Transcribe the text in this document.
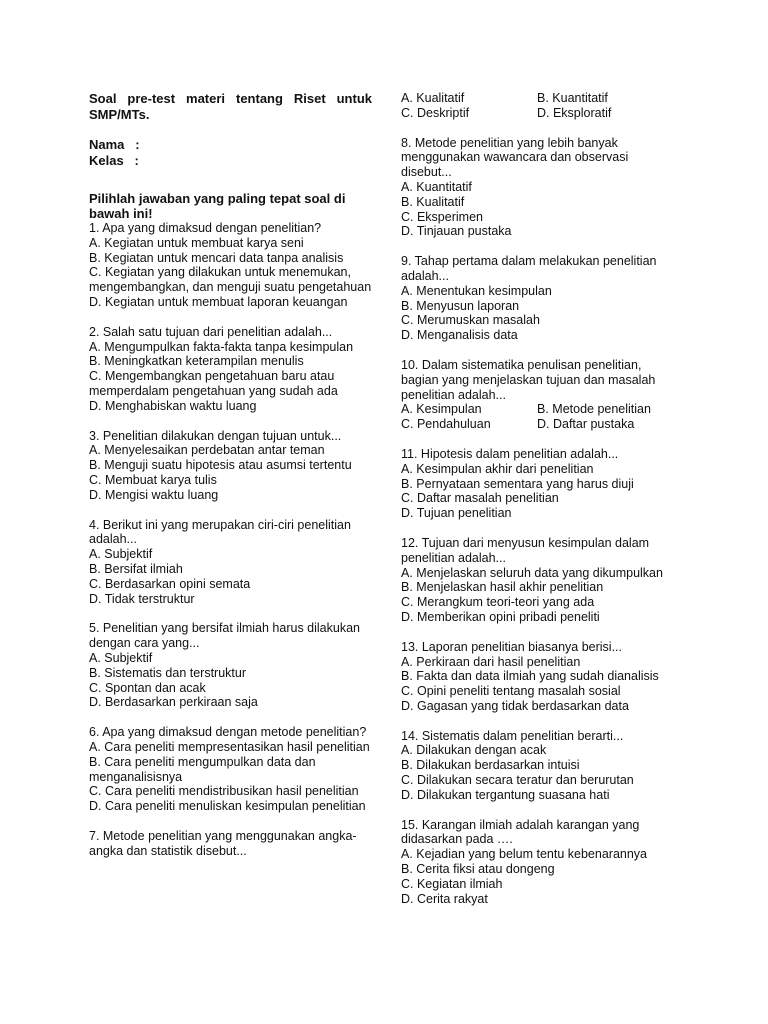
Soal pre-test materi tentang Riset untuk SMP/MTs.

Nama   :
Kelas   :
Pilihlah jawaban yang paling tepat soal di bawah ini!
1. Apa yang dimaksud dengan penelitian?
A. Kegiatan untuk membuat karya seni
B. Kegiatan untuk mencari data tanpa analisis
C. Kegiatan yang dilakukan untuk menemukan, mengembangkan, dan menguji suatu pengetahuan
D. Kegiatan untuk membuat laporan keuangan
2. Salah satu tujuan dari penelitian adalah...
A. Mengumpulkan fakta-fakta tanpa kesimpulan
B. Meningkatkan keterampilan menulis
C. Mengembangkan pengetahuan baru atau memperdalam pengetahuan yang sudah ada
D. Menghabiskan waktu luang
3. Penelitian dilakukan dengan tujuan untuk...
A. Menyelesaikan perdebatan antar teman
B. Menguji suatu hipotesis atau asumsi tertentu
C. Membuat karya tulis
D. Mengisi waktu luang
4. Berikut ini yang merupakan ciri-ciri penelitian adalah...
A. Subjektif
B. Bersifat ilmiah
C. Berdasarkan opini semata
D. Tidak terstruktur
5. Penelitian yang bersifat ilmiah harus dilakukan dengan cara yang...
A. Subjektif
B. Sistematis dan terstruktur
C. Spontan dan acak
D. Berdasarkan perkiraan saja
6. Apa yang dimaksud dengan metode penelitian?
A. Cara peneliti mempresentasikan hasil penelitian
B. Cara peneliti mengumpulkan data dan menganalisisnya
C. Cara peneliti mendistribusikan hasil penelitian
D. Cara peneliti menuliskan kesimpulan penelitian
7. Metode penelitian yang menggunakan angka-angka dan statistik disebut...
A. Kualitatif	B. Kuantitatif
C. Deskriptif	D. Eksploratif
8. Metode penelitian yang lebih banyak menggunakan wawancara dan observasi disebut...
A. Kuantitatif
B. Kualitatif
C. Eksperimen
D. Tinjauan pustaka
9. Tahap pertama dalam melakukan penelitian adalah...
A. Menentukan kesimpulan
B. Menyusun laporan
C. Merumuskan masalah
D. Menganalisis data
10. Dalam sistematika penulisan penelitian, bagian yang menjelaskan tujuan dan masalah penelitian adalah...
A. Kesimpulan	B. Metode penelitian
C. Pendahuluan	D. Daftar pustaka
11. Hipotesis dalam penelitian adalah...
A. Kesimpulan akhir dari penelitian
B. Pernyataan sementara yang harus diuji
C. Daftar masalah penelitian
D. Tujuan penelitian
12. Tujuan dari menyusun kesimpulan dalam penelitian adalah...
A. Menjelaskan seluruh data yang dikumpulkan
B. Menjelaskan hasil akhir penelitian
C. Merangkum teori-teori yang ada
D. Memberikan opini pribadi peneliti
13. Laporan penelitian biasanya berisi...
A. Perkiraan dari hasil penelitian
B. Fakta dan data ilmiah yang sudah dianalisis
C. Opini peneliti tentang masalah sosial
D. Gagasan yang tidak berdasarkan data
14. Sistematis dalam penelitian berarti...
A. Dilakukan dengan acak
B. Dilakukan berdasarkan intuisi
C. Dilakukan secara teratur dan berurutan
D. Dilakukan tergantung suasana hati
15. Karangan ilmiah adalah karangan yang didasarkan pada ….
A. Kejadian yang belum tentu kebenarannya
B. Cerita fiksi atau dongeng
C. Kegiatan ilmiah
D. Cerita rakyat
